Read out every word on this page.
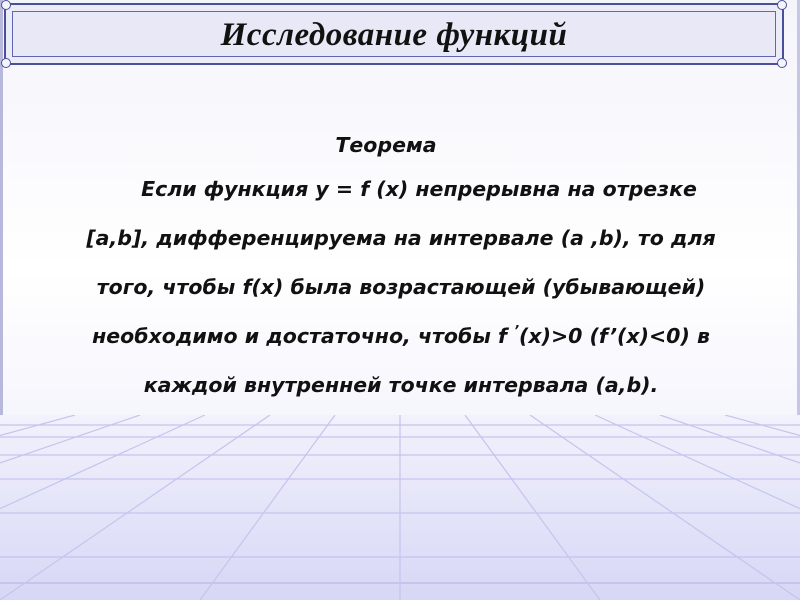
Исследование функций
Теорема
Если функция y = f (x) непрерывна на отрезке
[a,b], дифференцируема на интервале (a ,b), то для
того, чтобы f(x) была возрастающей (убывающей)
необходимо и достаточно, чтобы f ’(x)>0 (f’(x)<0) в
каждой внутренней точке интервала (a,b).
